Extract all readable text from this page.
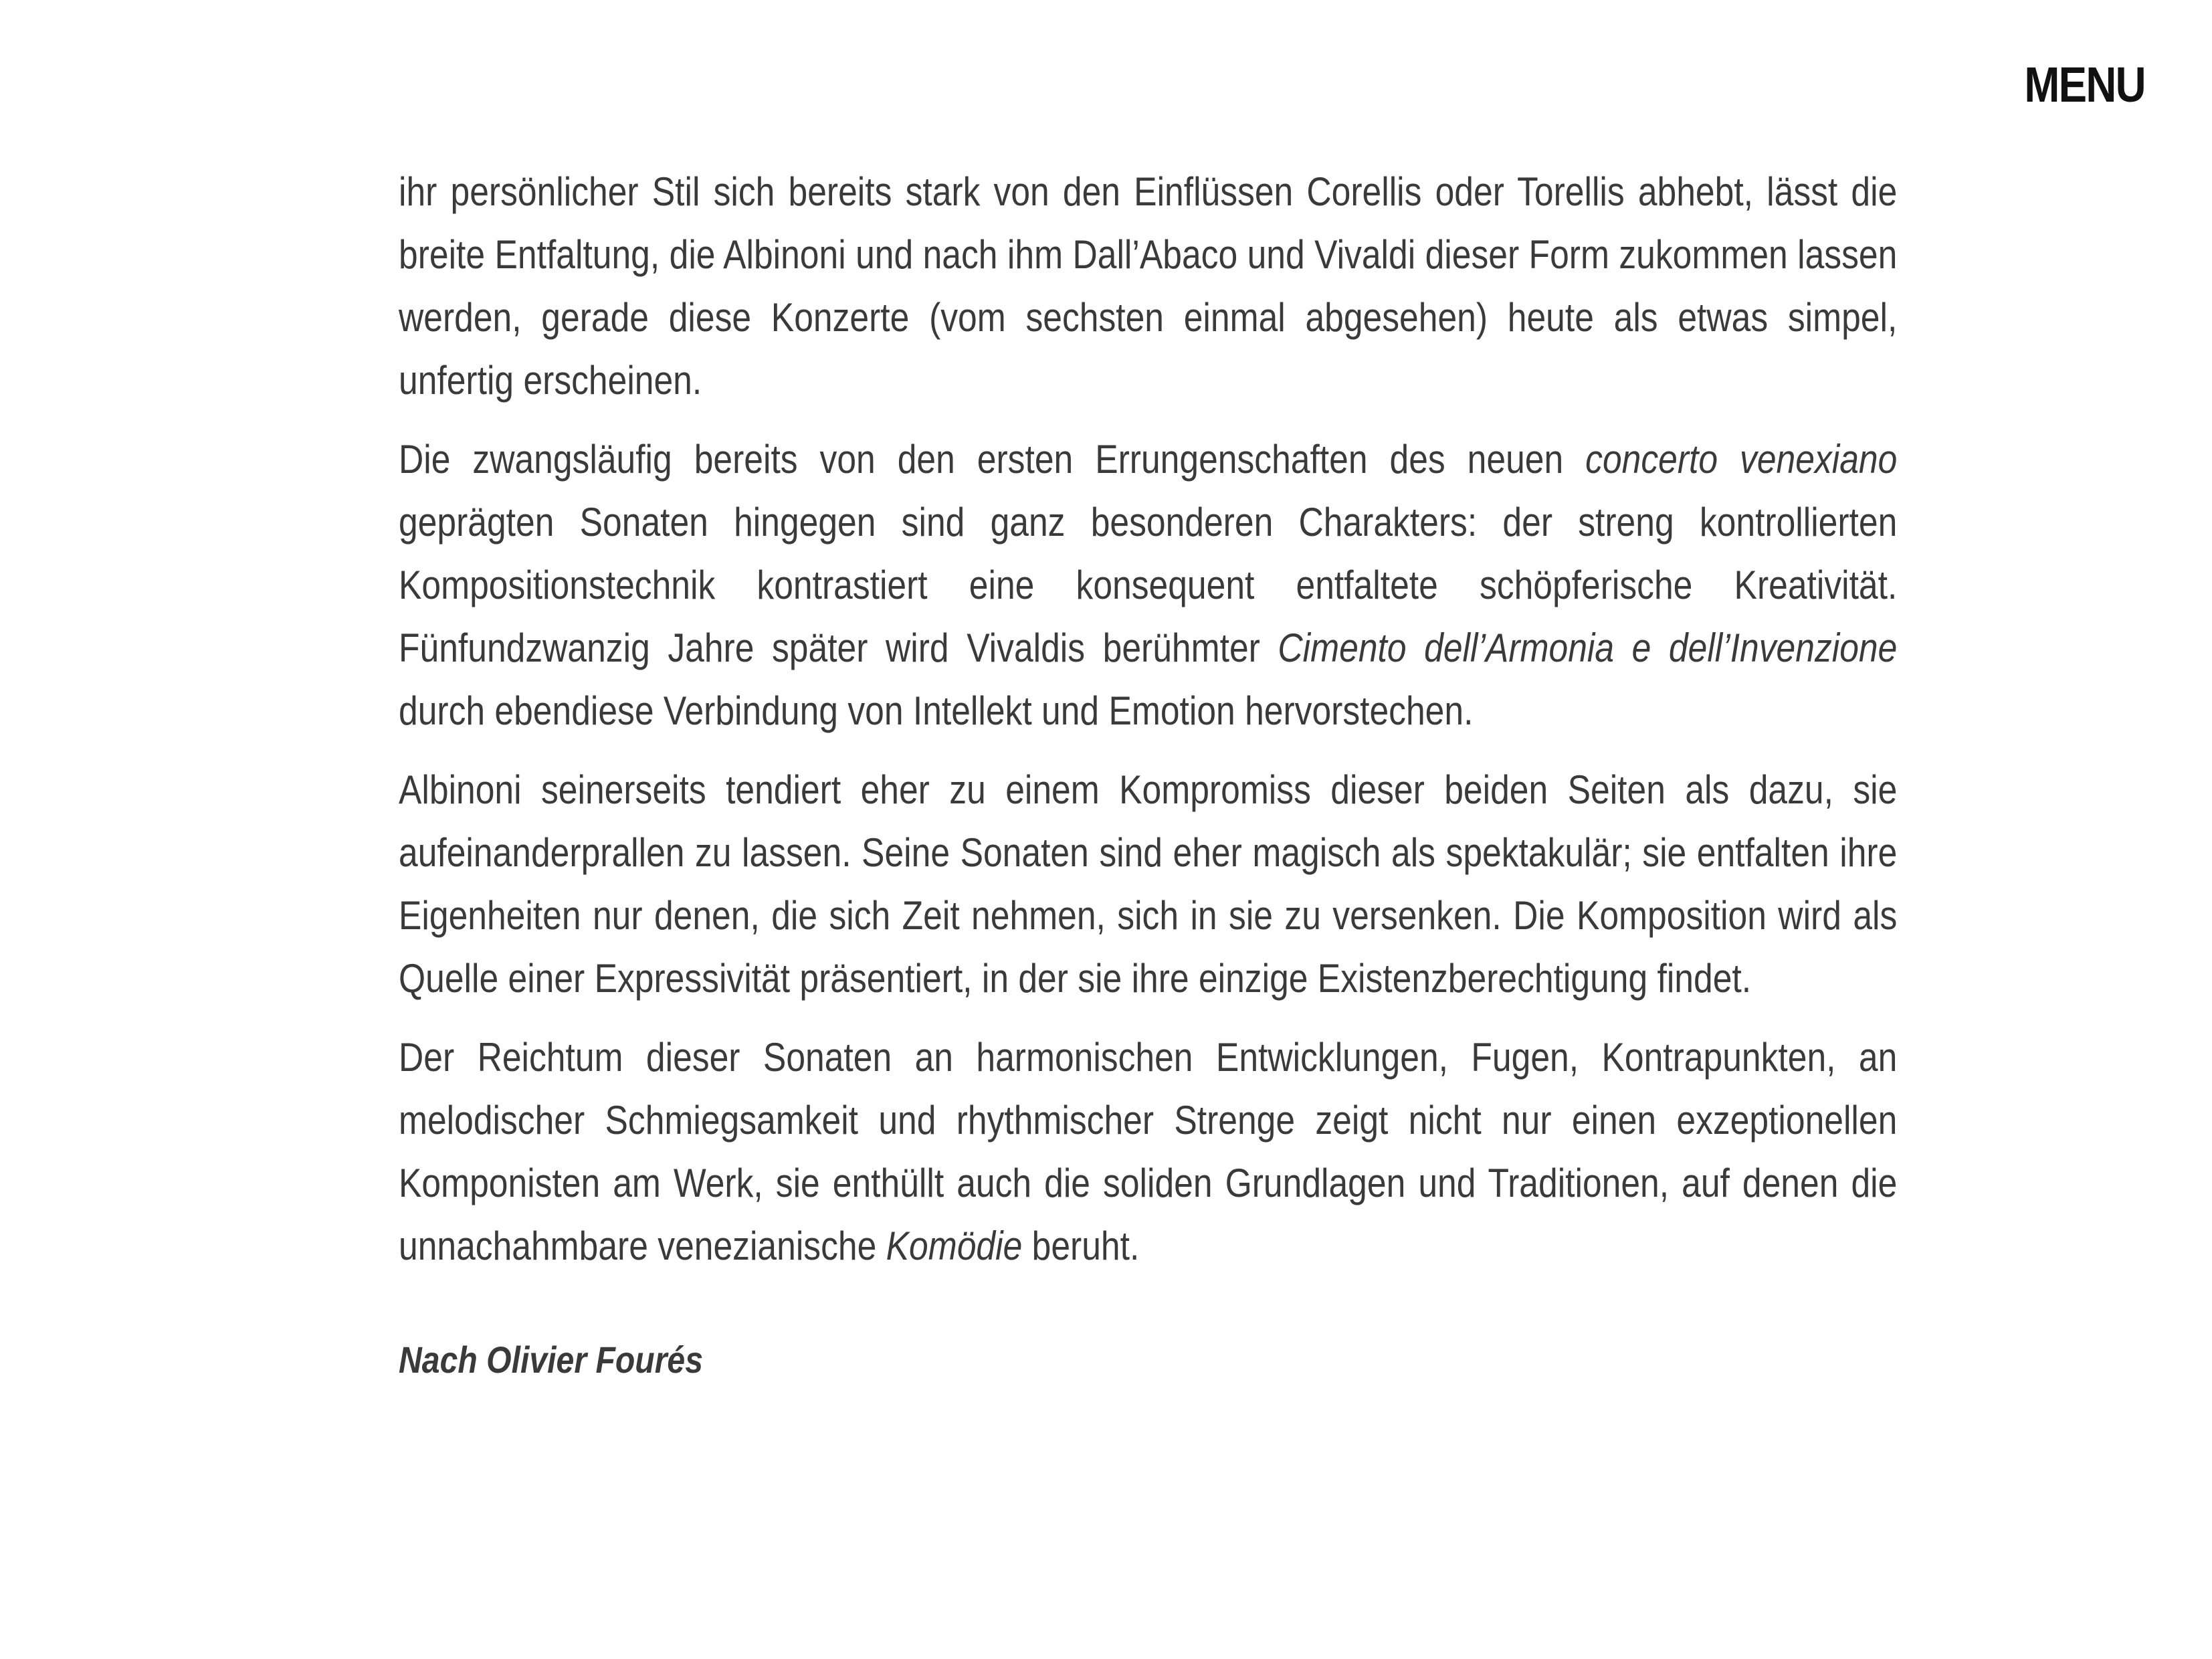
MENU

ihr persönlicher Stil sich bereits stark von den Einflüssen Corellis oder Torellis abhebt, lässt die breite Entfaltung, die Albinoni und nach ihm Dall’Abaco und Vivaldi dieser Form zukommen lassen werden, gerade diese Konzerte (vom sechsten einmal abgesehen) heute als etwas simpel, unfertig erscheinen.

Die zwangsläufig bereits von den ersten Errungenschaften des neuen concerto venexiano geprägten Sonaten hingegen sind ganz besonderen Charakters: der streng kontrollierten Kompositionstechnik kontrastiert eine konsequent entfaltete schöpferische Kreativität. Fünfundzwanzig Jahre später wird Vivaldis berühmter Cimento dell’Armonia e dell’Invenzione durch ebendiese Verbindung von Intellekt und Emotion hervorstechen.

Albinoni seinerseits tendiert eher zu einem Kompromiss dieser beiden Seiten als dazu, sie aufeinanderprallen zu lassen. Seine Sonaten sind eher magisch als spektakulär; sie entfalten ihre Eigenheiten nur denen, die sich Zeit nehmen, sich in sie zu versenken. Die Komposition wird als Quelle einer Expressivität präsentiert, in der sie ihre einzige Existenzberechtigung findet.

Der Reichtum dieser Sonaten an harmonischen Entwicklungen, Fugen, Kontrapunkten, an melodischer Schmiegsamkeit und rhythmischer Strenge zeigt nicht nur einen exzeptionellen Komponisten am Werk, sie enthüllt auch die soliden Grundlagen und Traditionen, auf denen die unnachahmbare venezianische Komödie beruht.

Nach Olivier Fourés
